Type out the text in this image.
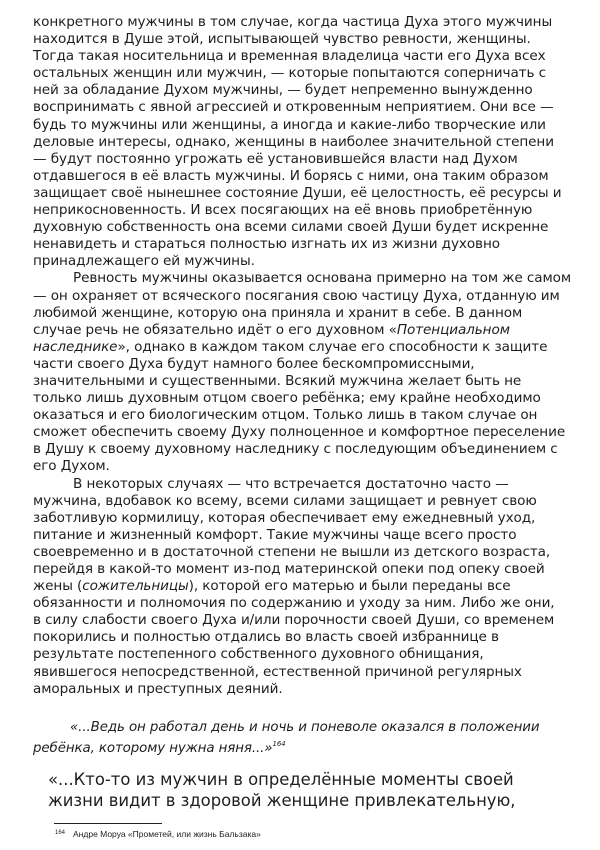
конкретного мужчины в том случае, когда частица Духа этого мужчины
находится в Душе этой, испытывающей чувство ревности, женщины.
Тогда такая носительница и временная владелица части его Духа всех
остальных женщин или мужчин, — которые попытаются соперничать с
ней за обладание Духом мужчины, — будет непременно вынужденно
воспринимать с явной агрессией и откровенным неприятием. Они все —
будь то мужчины или женщины, а иногда и какие-либо творческие или
деловые интересы, однако, женщины в наиболее значительной степени
— будут постоянно угрожать её установившейся власти над Духом
отдавшегося в её власть мужчины. И борясь с ними, она таким образом
защищает своё нынешнее состояние Души, её целостность, её ресурсы и
неприкосновенность. И всех посягающих на её вновь приобретённую
духовную собственность она всеми силами своей Души будет искренне
ненавидеть и стараться полностью изгнать их из жизни духовно
принадлежащего ей мужчины.
Ревность мужчины оказывается основана примерно на том же самом
— он охраняет от всяческого посягания свою частицу Духа, отданную им
любимой женщине, которую она приняла и хранит в себе. В данном
случае речь не обязательно идёт о его духовном «Потенциальном
наследнике», однако в каждом таком случае его способности к защите
части своего Духа будут намного более бескомпромиссными,
значительными и существенными. Всякий мужчина желает быть не
только лишь духовным отцом своего ребёнка; ему крайне необходимо
оказаться и его биологическим отцом. Только лишь в таком случае он
сможет обеспечить своему Духу полноценное и комфортное переселение
в Душу к своему духовному наследнику с последующим объединением с
его Духом.
В некоторых случаях — что встречается достаточно часто —
мужчина, вдобавок ко всему, всеми силами защищает и ревнует свою
заботливую кормилицу, которая обеспечивает ему ежедневный уход,
питание и жизненный комфорт. Такие мужчины чаще всего просто
своевременно и в достаточной степени не вышли из детского возраста,
перейдя в какой-то момент из-под материнской опеки под опеку своей
жены (сожительницы), которой его матерью и были переданы все
обязанности и полномочия по содержанию и уходу за ним. Либо же они,
в силу слабости своего Духа и/или порочности своей Души, со временем
покорились и полностью отдались во власть своей избраннице в
результате постепенного собственного духовного обнищания,
явившегося непосредственной, естественной причиной регулярных
аморальных и преступных деяний.
«...Ведь он работал день и ночь и поневоле оказался в положении
ребёнка, которому нужна няня...»$^{164}$
«...Кто-то из мужчин в определённые моменты своей
жизни видит в здоровой женщине привлекательную,
$^{164}$ Андре Моруа «Прометей, или жизнь Бальзака»
